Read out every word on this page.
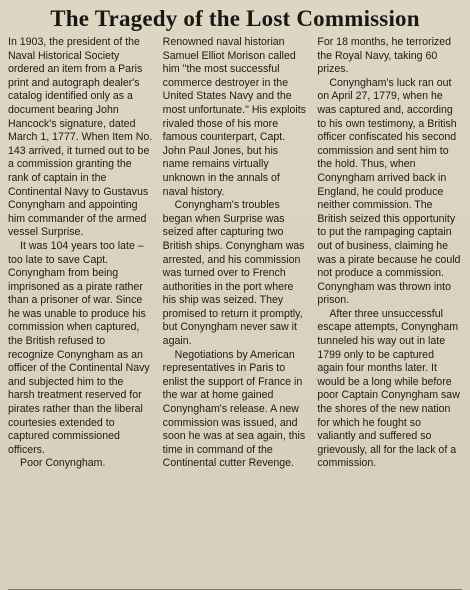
The Tragedy of the Lost Commission

In 1903, the president of the Naval Historical Society ordered an item from a Paris print and autograph dealer's catalog identified only as a document bearing John Hancock's signature, dated March 1, 1777. When Item No. 143 arrived, it turned out to be a commission granting the rank of captain in the Continental Navy to Gustavus Conyngham and appointing him commander of the armed vessel Surprise.

It was 104 years too late – too late to save Capt. Conyngham from being imprisoned as a pirate rather than a prisoner of war. Since he was unable to produce his commission when captured, the British refused to recognize Conyngham as an officer of the Continental Navy and subjected him to the harsh treatment reserved for pirates rather than the liberal courtesies extended to captured commissioned officers.

Poor Conyngham.

Renowned naval historian Samuel Elliot Morison called him "the most successful commerce destroyer in the United States Navy and the most unfortunate." His exploits rivaled those of his more famous counterpart, Capt. John Paul Jones, but his name remains virtually unknown in the annals of naval history.

Conyngham's troubles began when Surprise was seized after capturing two British ships. Conyngham was arrested, and his commission was turned over to French authorities in the port where his ship was seized. They promised to return it promptly, but Conyngham never saw it again.

Negotiations by American representatives in Paris to enlist the support of France in the war at home gained Conyngham's release. A new commission was issued, and soon he was at sea again, this time in command of the Continental cutter Revenge.

For 18 months, he terrorized the Royal Navy, taking 60 prizes.

Conyngham's luck ran out on April 27, 1779, when he was captured and, according to his own testimony, a British officer confiscated his second commission and sent him to the hold. Thus, when Conyngham arrived back in England, he could produce neither commission. The British seized this opportunity to put the rampaging captain out of business, claiming he was a pirate because he could not produce a commission. Conyngham was thrown into prison.

After three unsuccessful escape attempts, Conyngham tunneled his way out in late 1799 only to be captured again four months later. It would be a long while before poor Captain Conyngham saw the shores of the new nation for which he fought so valiantly and suffered so grievously, all for the lack of a commission.
